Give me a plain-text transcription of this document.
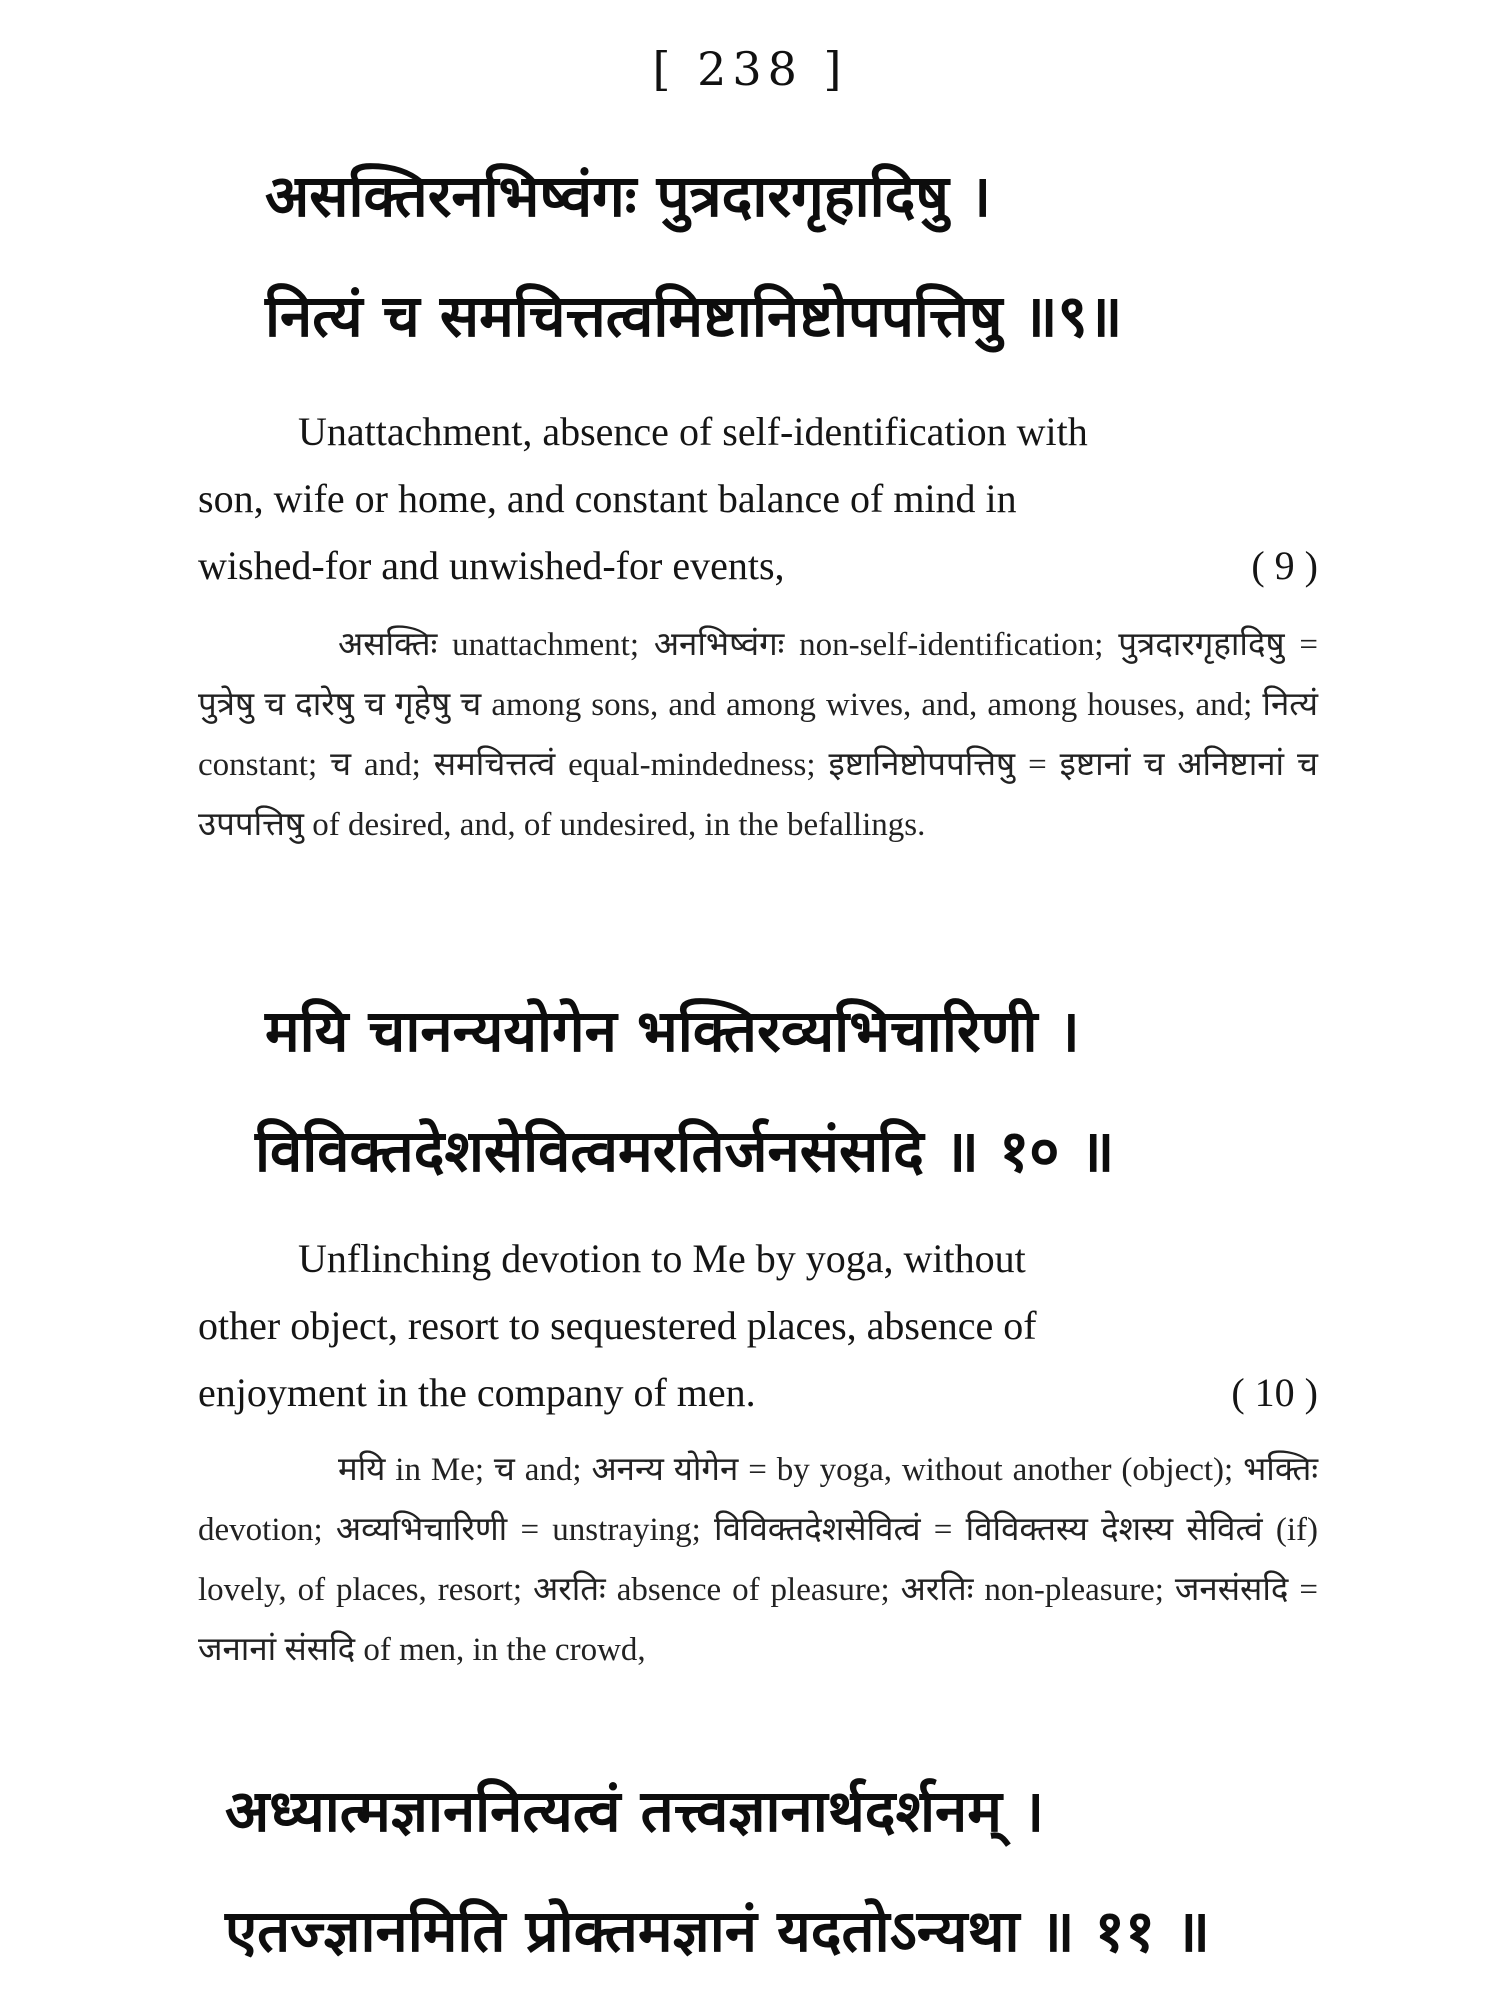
[ 238 ]
असक्तिरनभिष्वंगः पुत्रदारगृहादिषु ।
नित्यं च समचित्तत्वमिष्टानिष्टोपपत्तिषु ॥९॥

Unattachment, absence of self-identification with

son, wife or home, and constant balance of mind in

wished-for and unwished-for events,	( 9 )

असक्तिः unattachment; अनभिष्वंगः non-self-identification; पुत्रदारगृहादिषु = पुत्रेषु च दारेषु च गृहेषु च among sons, and among wives, and, among houses, and; नित्यं constant; च and; समचित्तत्वं equal-mindedness; इष्टानिष्टोपपत्तिषु = इष्टानां च अनिष्टानां च उपपत्तिषु of desired, and, of undesired, in the befallings.
मयि चानन्ययोगेन भक्तिरव्यभिचारिणी ।
विविक्तदेशसेवित्वमरतिर्जनसंसदि ॥ १० ॥

Unflinching devotion to Me by yoga, without

other object, resort to sequestered places, absence of

enjoyment in the company of men.	( 10 )

मयि in Me; च and; अनन्य योगेन = by yoga, without another (object); भक्तिः devotion; अव्यभिचारिणी = unstraying; विविक्तदेशसेवित्वं = विविक्तस्य देशस्य सेवित्वं (if) lovely, of places, resort; अरतिः absence of pleasure; अरतिः non-pleasure; जनसंसदि = जनानां संसदि of men, in the crowd,
अध्यात्मज्ञाननित्यत्वं तत्त्वज्ञानार्थदर्शनम् ।
एतज्ज्ञानमिति प्रोक्तमज्ञानं यदतोऽन्यथा ॥ ११ ॥
